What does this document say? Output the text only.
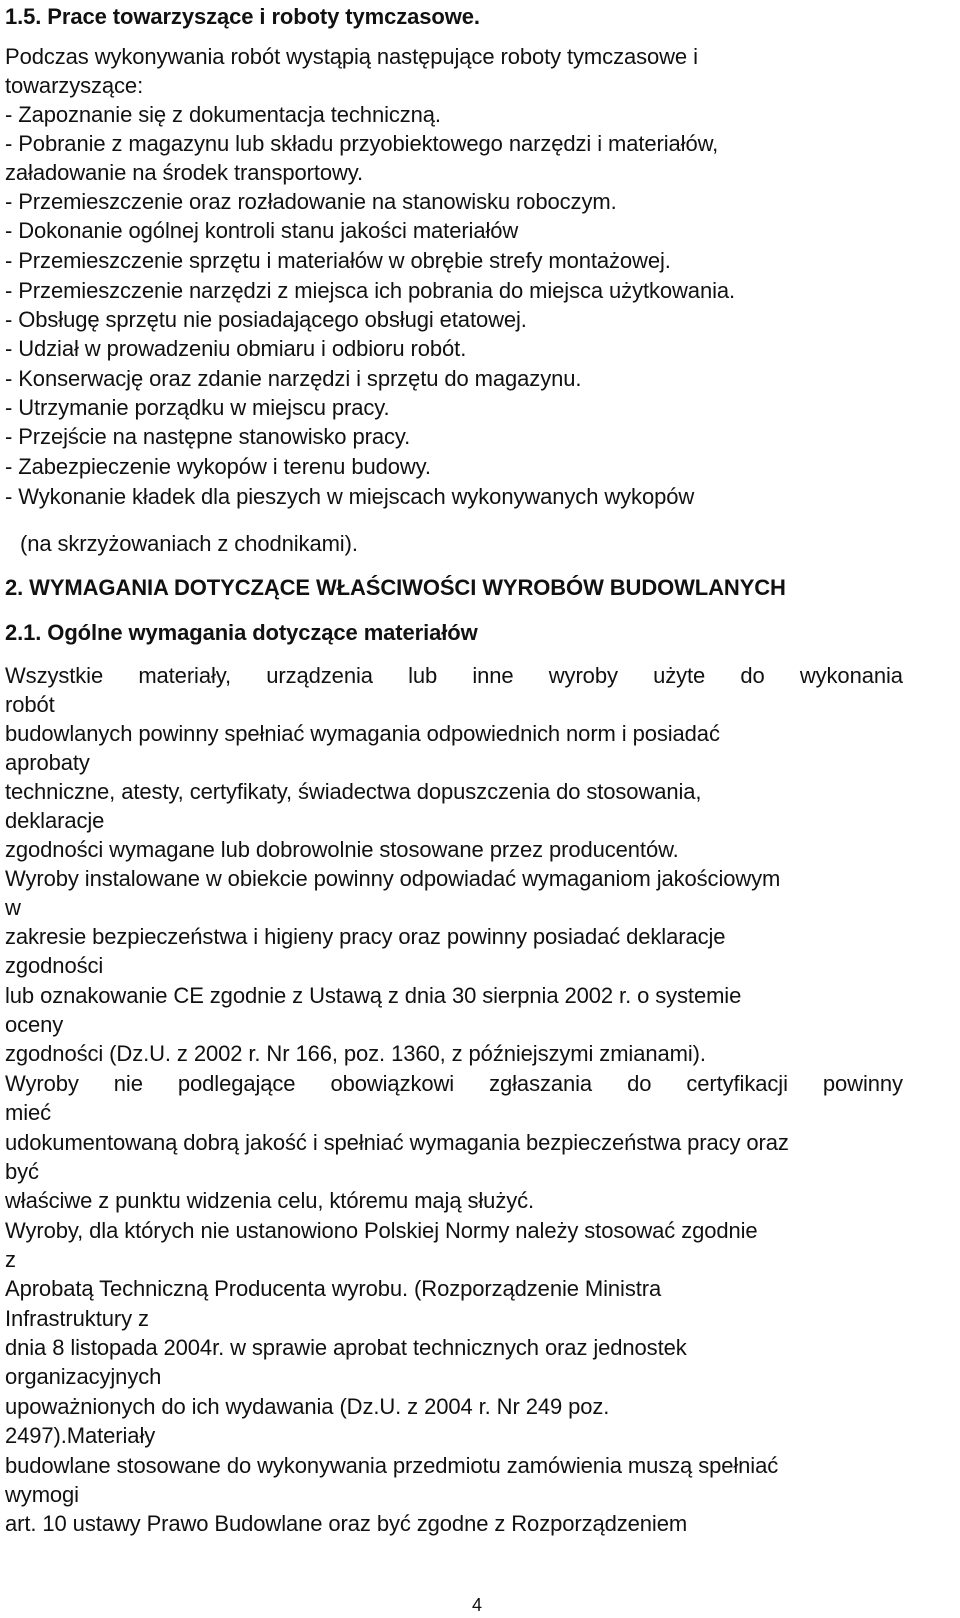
1.5. Prace towarzyszące i roboty tymczasowe.
Podczas wykonywania robót wystąpią następujące roboty tymczasowe i
towarzyszące:
- Zapoznanie się z dokumentacja techniczną.
- Pobranie z magazynu lub składu przyobiektowego narzędzi i materiałów,
załadowanie na środek transportowy.
- Przemieszczenie oraz rozładowanie na stanowisku roboczym.
- Dokonanie ogólnej kontroli stanu jakości materiałów
- Przemieszczenie sprzętu i materiałów w obrębie strefy montażowej.
- Przemieszczenie narzędzi z miejsca ich pobrania do miejsca użytkowania.
- Obsługę sprzętu nie posiadającego obsługi etatowej.
- Udział w prowadzeniu obmiaru i odbioru robót.
- Konserwację oraz zdanie narzędzi i sprzętu do magazynu.
- Utrzymanie porządku w miejscu pracy.
- Przejście na następne stanowisko pracy.
- Zabezpieczenie wykopów i terenu budowy.
- Wykonanie kładek dla pieszych w miejscach wykonywanych wykopów
(na skrzyżowaniach z chodnikami).
2. WYMAGANIA DOTYCZĄCE WŁAŚCIWOŚCI WYROBÓW BUDOWLANYCH
2.1. Ogólne wymagania dotyczące materiałów
Wszystkie materiały, urządzenia lub inne wyroby użyte do wykonania
robót
budowlanych powinny spełniać wymagania odpowiednich norm i posiadać
aprobaty
techniczne, atesty, certyfikaty, świadectwa dopuszczenia do stosowania,
deklaracje
zgodności wymagane lub dobrowolnie stosowane przez producentów.
Wyroby instalowane w obiekcie powinny odpowiadać wymaganiom jakościowym
w
zakresie bezpieczeństwa i higieny pracy oraz powinny posiadać deklaracje
zgodności
lub oznakowanie CE zgodnie z Ustawą z dnia 30 sierpnia 2002 r. o systemie
oceny
zgodności (Dz.U. z 2002 r. Nr 166, poz. 1360, z późniejszymi zmianami).
Wyroby nie podlegające obowiązkowi zgłaszania do certyfikacji powinny
mieć
udokumentowaną dobrą jakość i spełniać wymagania bezpieczeństwa pracy oraz
być
właściwe z punktu widzenia celu, któremu mają służyć.
Wyroby, dla których nie ustanowiono Polskiej Normy należy stosować zgodnie
z
Aprobatą Techniczną Producenta wyrobu. (Rozporządzenie Ministra
Infrastruktury z
dnia 8 listopada 2004r. w sprawie aprobat technicznych oraz jednostek
organizacyjnych
upoważnionych do ich wydawania (Dz.U. z 2004 r. Nr 249 poz.
2497).Materiały
budowlane stosowane do wykonywania przedmiotu zamówienia muszą spełniać
wymogi
art. 10 ustawy Prawo Budowlane oraz być zgodne z Rozporządzeniem
4
